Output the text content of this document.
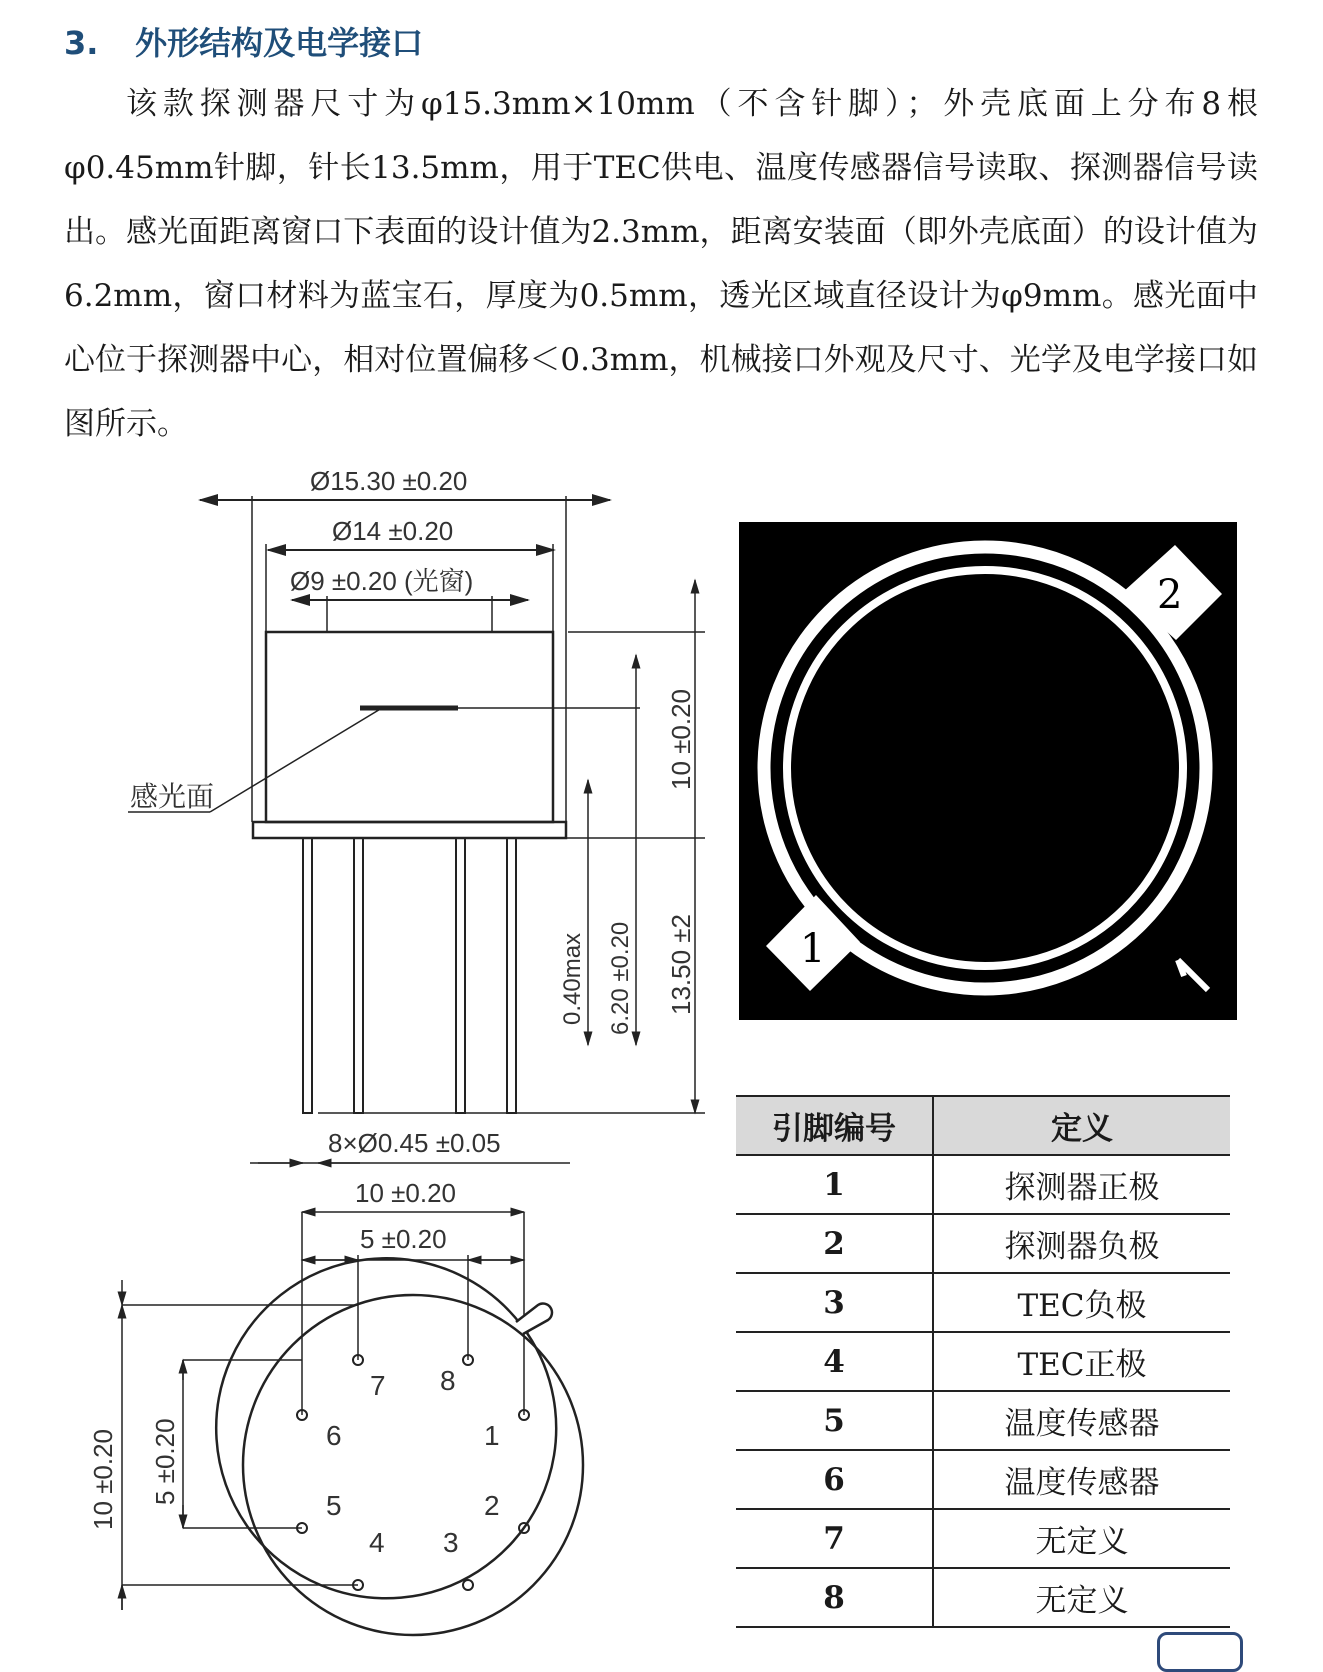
3. 外形结构及电学接口

该款探测器尺寸为φ15.3mm×10mm（不含针脚）；外壳底面上分布8根φ0.45mm针脚，针长13.5mm，用于TEC供电、温度传感器信号读取、探测器信号读出。感光面距离窗口下表面的设计值为2.3mm，距离安装面（即外壳底面）的设计值为6.2mm，窗口材料为蓝宝石，厚度为0.5mm，透光区域直径设计为φ9mm。感光面中心位于探测器中心，相对位置偏移＜0.3mm，机械接口外观及尺寸、光学及电学接口如图所示。

Ø15.30 ±0.20
Ø14 ±0.20
Ø9 ±0.20 (光窗)
感光面
10 ±0.20
0.40max 6.20 ±0.20 13.50 ±2
8×Ø0.45 ±0.05
10 ±0.20
5 ±0.20
10 ±0.20 5 ±0.20	1
2
3
4
5
6
7 8
2
1
引脚编号	定义
1	探测器正极
2	探测器负极
3	TEC负极
4	TEC正极
5	温度传感器
6	温度传感器
7	无定义
8	无定义
